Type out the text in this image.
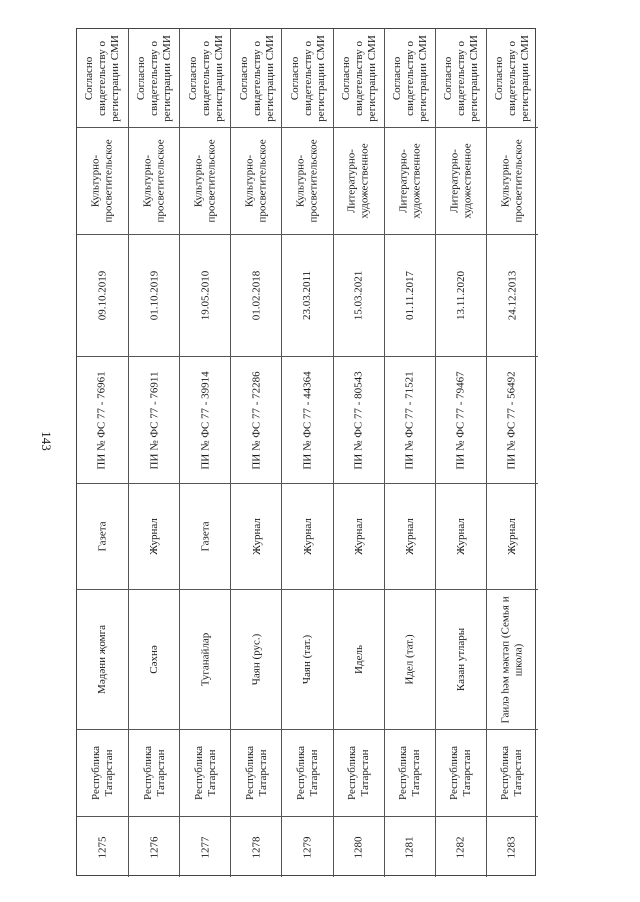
143
Согласно
свидетельству о
регистрации СМИ
Культурно-
просветительское
09.10.2019
ПИ № ФС 77 - 76961
Газета
Мәдәни җомга
Республика
Татарстан
1275
Согласно
свидетельству о
регистрации СМИ
Культурно-
просветительское
01.10.2019
ПИ № ФС 77 - 76911
Журнал
Сәхнә
Республика
Татарстан
1276
Согласно
свидетельству о
регистрации СМИ
Культурно-
просветительское
19.05.2010
ПИ № ФС 77 - 39914
Газета
Туганайлар
Республика
Татарстан
1277
Согласно
свидетельству о
регистрации СМИ
Культурно-
просветительское
01.02.2018
ПИ № ФС 77 - 72286
Журнал
Чаян (рус.)
Республика
Татарстан
1278
Согласно
свидетельству о
регистрации СМИ
Культурно-
просветительское
23.03.2011
ПИ № ФС 77 - 44364
Журнал
Чаян (тат.)
Республика
Татарстан
1279
Согласно
свидетельству о
регистрации СМИ
Литературно-
художественное
15.03.2021
ПИ № ФС 77 - 80543
Журнал
Идель
Республика
Татарстан
1280
Согласно
свидетельству о
регистрации СМИ
Литературно-
художественное
01.11.2017
ПИ № ФС 77 - 71521
Журнал
Идел (тат.)
Республика
Татарстан
1281
Согласно
свидетельству о
регистрации СМИ
Литературно-
художественное
13.11.2020
ПИ № ФС 77 - 79467
Журнал
Казан утлары
Республика
Татарстан
1282
Согласно
свидетельству о
регистрации СМИ
Культурно-
просветительское
24.12.2013
ПИ № ФС 77 - 56492
Журнал
Гаилә һәм мәктәп (Семья и
школа)
Республика
Татарстан
1283
